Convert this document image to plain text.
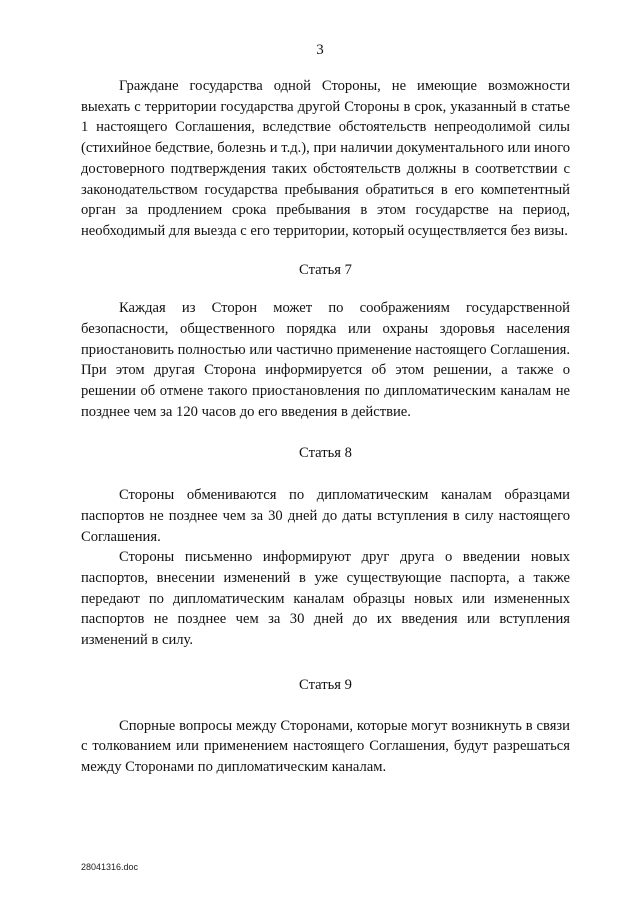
3

Граждане государства одной Стороны, не имеющие возможности выехать с территории государства другой Стороны в срок, указанный в статье 1 настоящего Соглашения, вследствие обстоятельств непреодолимой силы (стихийное бедствие, болезнь и т.д.), при наличии документального или иного достоверного подтверждения таких обстоятельств должны в соответствии с законодательством государства пребывания обратиться в его компетентный орган за продлением срока пребывания в этом государстве на период, необходимый для выезда с его территории, который осуществляется без визы.

Статья 7

Каждая из Сторон может по соображениям государственной безопасности, общественного порядка или охраны здоровья населения приостановить полностью или частично применение настоящего Соглашения. При этом другая Сторона информируется об этом решении, а также о решении об отмене такого приостановления по дипломатическим каналам не позднее чем за 120 часов до его введения в действие.

Статья 8

Стороны обмениваются по дипломатическим каналам образцами паспортов не позднее чем за 30 дней до даты вступления в силу настоящего Соглашения.

Стороны письменно информируют друг друга о введении новых паспортов, внесении изменений в уже существующие паспорта, а также передают по дипломатическим каналам образцы новых или измененных паспортов не позднее чем за 30 дней до их введения или вступления изменений в силу.

Статья 9

Спорные вопросы между Сторонами, которые могут возникнуть в связи с толкованием или применением настоящего Соглашения, будут разрешаться между Сторонами по дипломатическим каналам.

28041316.doc
